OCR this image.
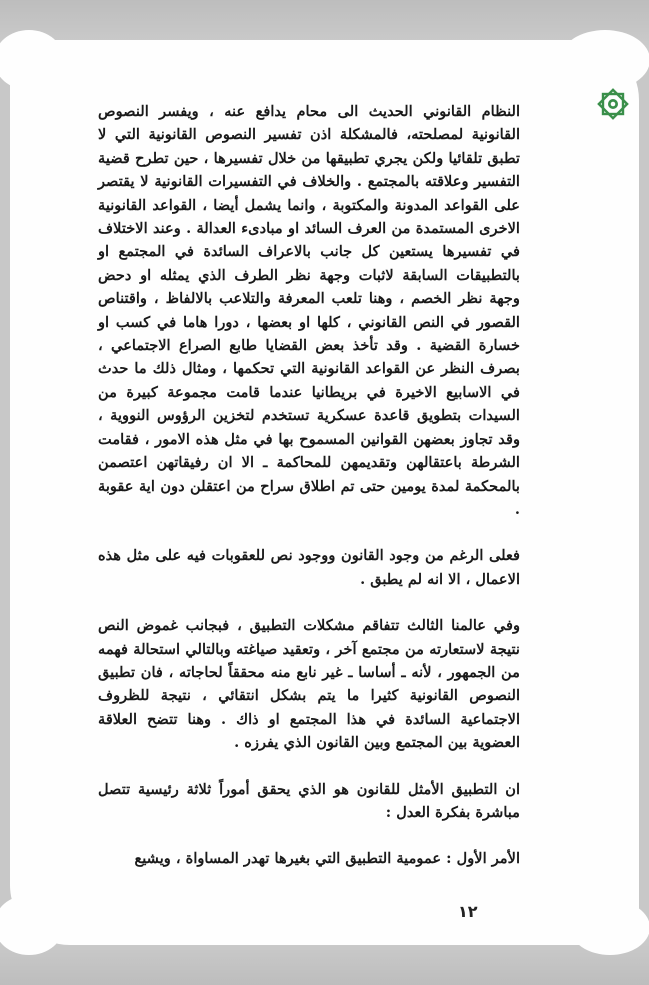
النظام القانوني الحديث الى محام يدافع عنه ، ويفسر النصوص القانونية لمصلحته، فالمشكلة اذن تفسير النصوص القانونية التي لا تطبق تلقائيا ولكن يجري تطبيقها من خلال تفسيرها ، حين تطرح قضية التفسير وعلاقته بالمجتمع . والخلاف في التفسيرات القانونية لا يقتصر على القواعد المدونة والمكتوبة ، وانما يشمل أيضا ، القواعد القانونية الاخرى المستمدة من العرف السائد او مبادىء العدالة . وعند الاختلاف في تفسيرها يستعين كل جانب بالاعراف السائدة في المجتمع او بالتطبيقات السابقة لاثبات وجهة نظر الطرف الذي يمثله او دحض وجهة نظر الخصم ، وهنا تلعب المعرفة والتلاعب بالالفاظ ، واقتناص القصور في النص القانوني ، كلها او بعضها ، دورا هاما في كسب او خسارة القضية . وقد تأخذ بعض القضايا طابع الصراع الاجتماعي ، بصرف النظر عن القواعد القانونية التي تحكمها ، ومثال ذلك ما حدث في الاسابيع الاخيرة في بريطانيا عندما قامت مجموعة كبيرة من السيدات بتطويق قاعدة عسكرية تستخدم لتخزين الرؤوس النووية ، وقد تجاوز بعضهن القوانين المسموح بها في مثل هذه الامور ، فقامت الشرطة باعتقالهن وتقديمهن للمحاكمة ـ الا ان رفيقاتهن اعتصمن بالمحكمة لمدة يومين حتى تم اطلاق سراح من اعتقلن دون اية عقوبة .

فعلى الرغم من وجود القانون ووجود نص للعقوبات فيه على مثل هذه الاعمال ، الا انه لم يطبق .

وفي عالمنا الثالث تتفاقم مشكلات التطبيق ، فبجانب غموض النص نتيجة لاستعارته من مجتمع آخر ، وتعقيد صياغته وبالتالي استحالة فهمه من الجمهور ، لأنه ـ أساسا ـ غير نابع منه محققاً لحاجاته ، فان تطبيق النصوص القانونية كثيرا ما يتم بشكل انتقائي ، نتيجة للظروف الاجتماعية السائدة في هذا المجتمع او ذاك . وهنا تتضح العلاقة العضوية بين المجتمع وبين القانون الذي يفرزه .

ان التطبيق الأمثل للقانون هو الذي يحقق أموراً ثلاثة رئيسية تتصل مباشرة بفكرة العدل :

الأمر الأول : عمومية التطبيق التي بغيرها تهدر المساواة ، ويشيع

١٢
